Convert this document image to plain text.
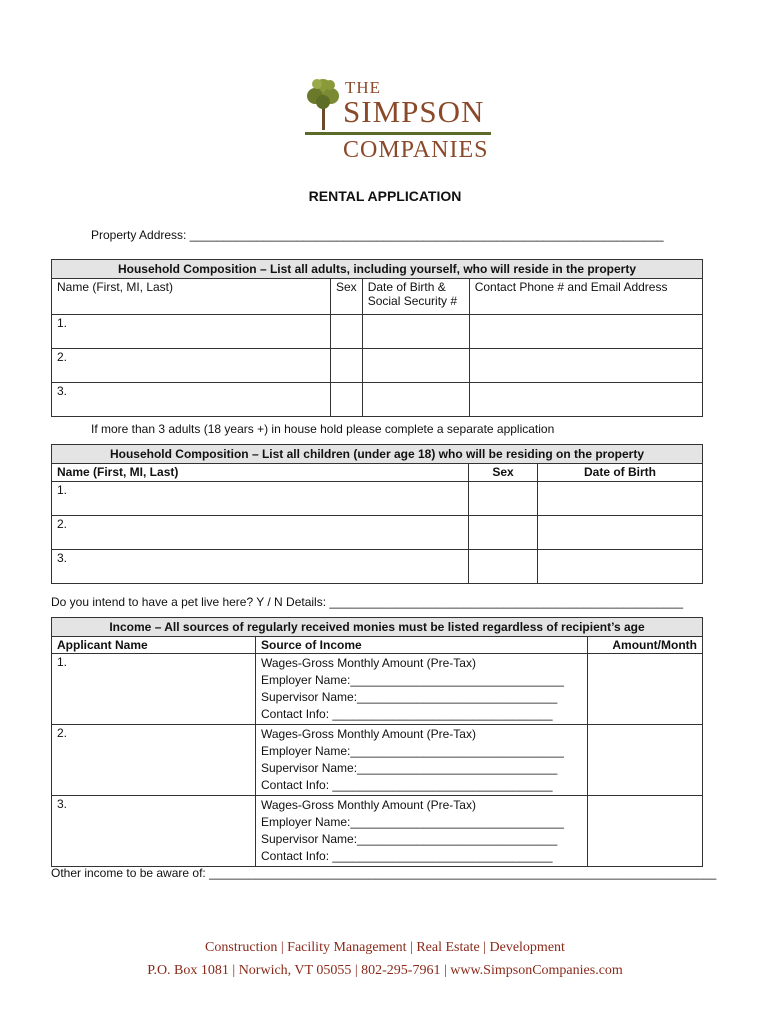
THE
SIMPSON
COMPANIES
RENTAL APPLICATION
Property Address: _______________________________________________________________________
Household Composition – List all adults, including yourself, who will reside in the property			
Name (First, MI, Last)	Sex	Date of Birth & Social Security #	Contact Phone # and Email Address
1.			
2.			
3.			
If more than 3 adults (18 years +) in house hold please complete a separate application
Household Composition – List all children (under age 18) who will be residing on the property		
Name (First, MI, Last)	Sex	Date of Birth
1.		
2.		
3.		
Do you intend to have a pet live here? Y / N Details: _____________________________________________________
Income – All sources of regularly received monies must be listed regardless of recipient’s age		
Applicant Name	Source of Income	Amount/Month
1.	Wages-Gross Monthly Amount (Pre-Tax)
Employer Name:________________________________
Supervisor Name:______________________________
Contact Info: _________________________________	

2.	Wages-Gross Monthly Amount (Pre-Tax)
Employer Name:________________________________
Supervisor Name:______________________________
Contact Info: _________________________________	

3.	Wages-Gross Monthly Amount (Pre-Tax)
Employer Name:________________________________
Supervisor Name:______________________________
Contact Info: _________________________________	

Other income to be aware of: ____________________________________________________________________________
Construction | Facility Management | Real Estate | Development
P.O. Box 1081 | Norwich, VT 05055 | 802-295-7961 | www.SimpsonCompanies.com
